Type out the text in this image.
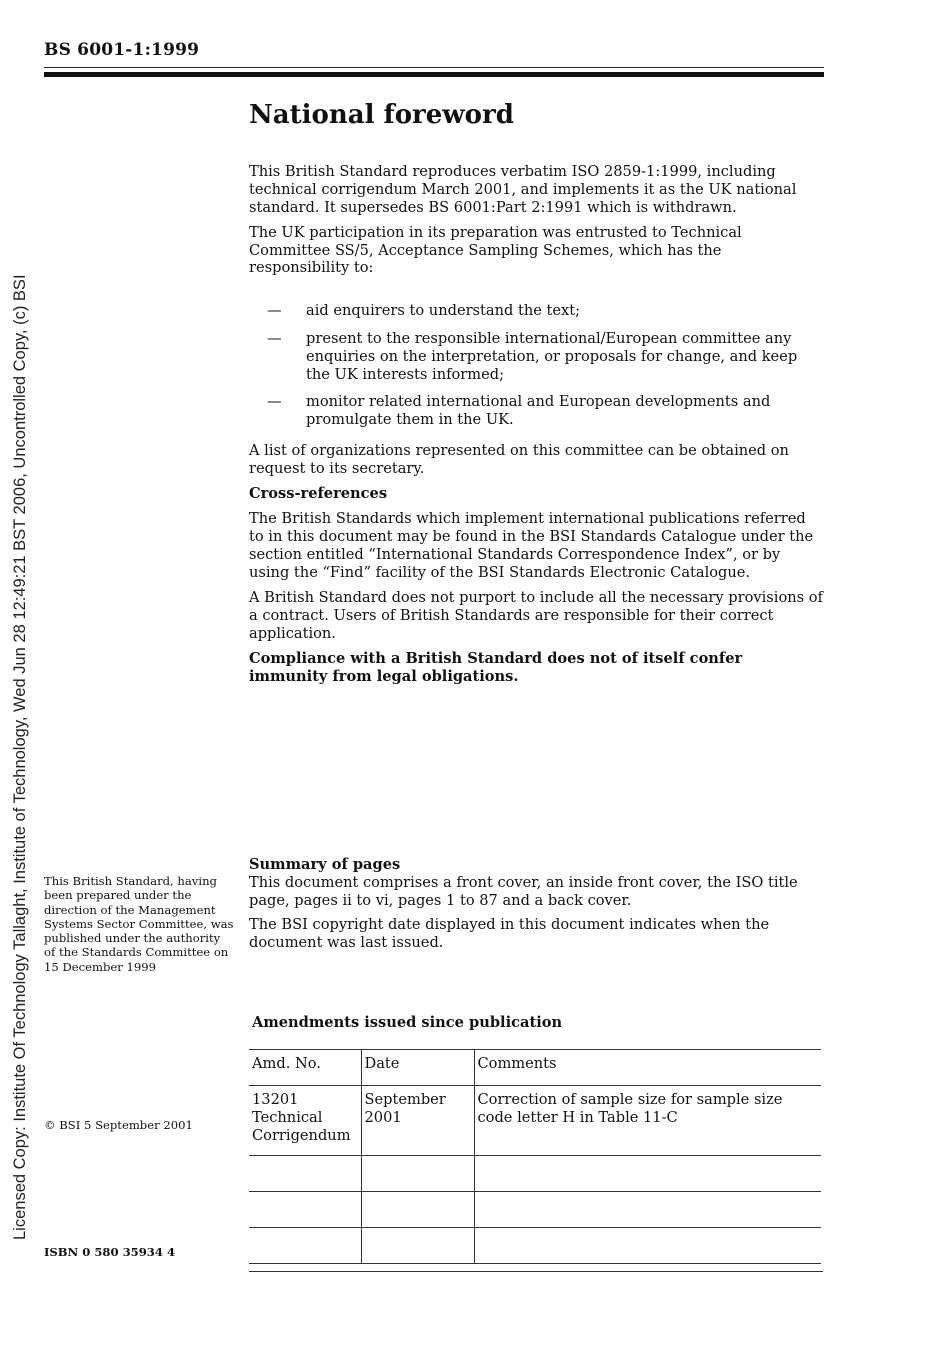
BS 6001-1:1999
Licensed Copy: Institute Of Technology Tallaght, Institute of Technology, Wed Jun 28 12:49:21 BST 2006, Uncontrolled Copy, (c) BSI
National foreword

This British Standard reproduces verbatim ISO 2859-1:1999, including technical corrigendum March 2001, and implements it as the UK national standard. It supersedes BS 6001:Part 2:1991 which is withdrawn.

The UK participation in its preparation was entrusted to Technical Committee SS/5, Acceptance Sampling Schemes, which has the responsibility to:

— aid enquirers to understand the text;
— present to the responsible international/European committee any enquiries on the interpretation, or proposals for change, and keep the UK interests informed;
— monitor related international and European developments and promulgate them in the UK.

A list of organizations represented on this committee can be obtained on request to its secretary.

Cross-references

The British Standards which implement international publications referred to in this document may be found in the BSI Standards Catalogue under the section entitled “International Standards Correspondence Index”, or by using the “Find” facility of the BSI Standards Electronic Catalogue.

A British Standard does not purport to include all the necessary provisions of a contract. Users of British Standards are responsible for their correct application.

Compliance with a British Standard does not of itself confer immunity from legal obligations.

Summary of pages

This document comprises a front cover, an inside front cover, the ISO title page, pages ii to vi, pages 1 to 87 and a back cover.

The BSI copyright date displayed in this document indicates when the document was last issued.

This British Standard, having been prepared under the direction of the Management Systems Sector Committee, was published under the authority of the Standards Committee on 15 December 1999
© BSI 5 September 2001
ISBN 0 580 35934 4
Amendments issued since publication
Amd. No.	Date	Comments
13201 Technical Corrigendum	September 2001	Correction of sample size for sample size code letter H in Table 11-C
